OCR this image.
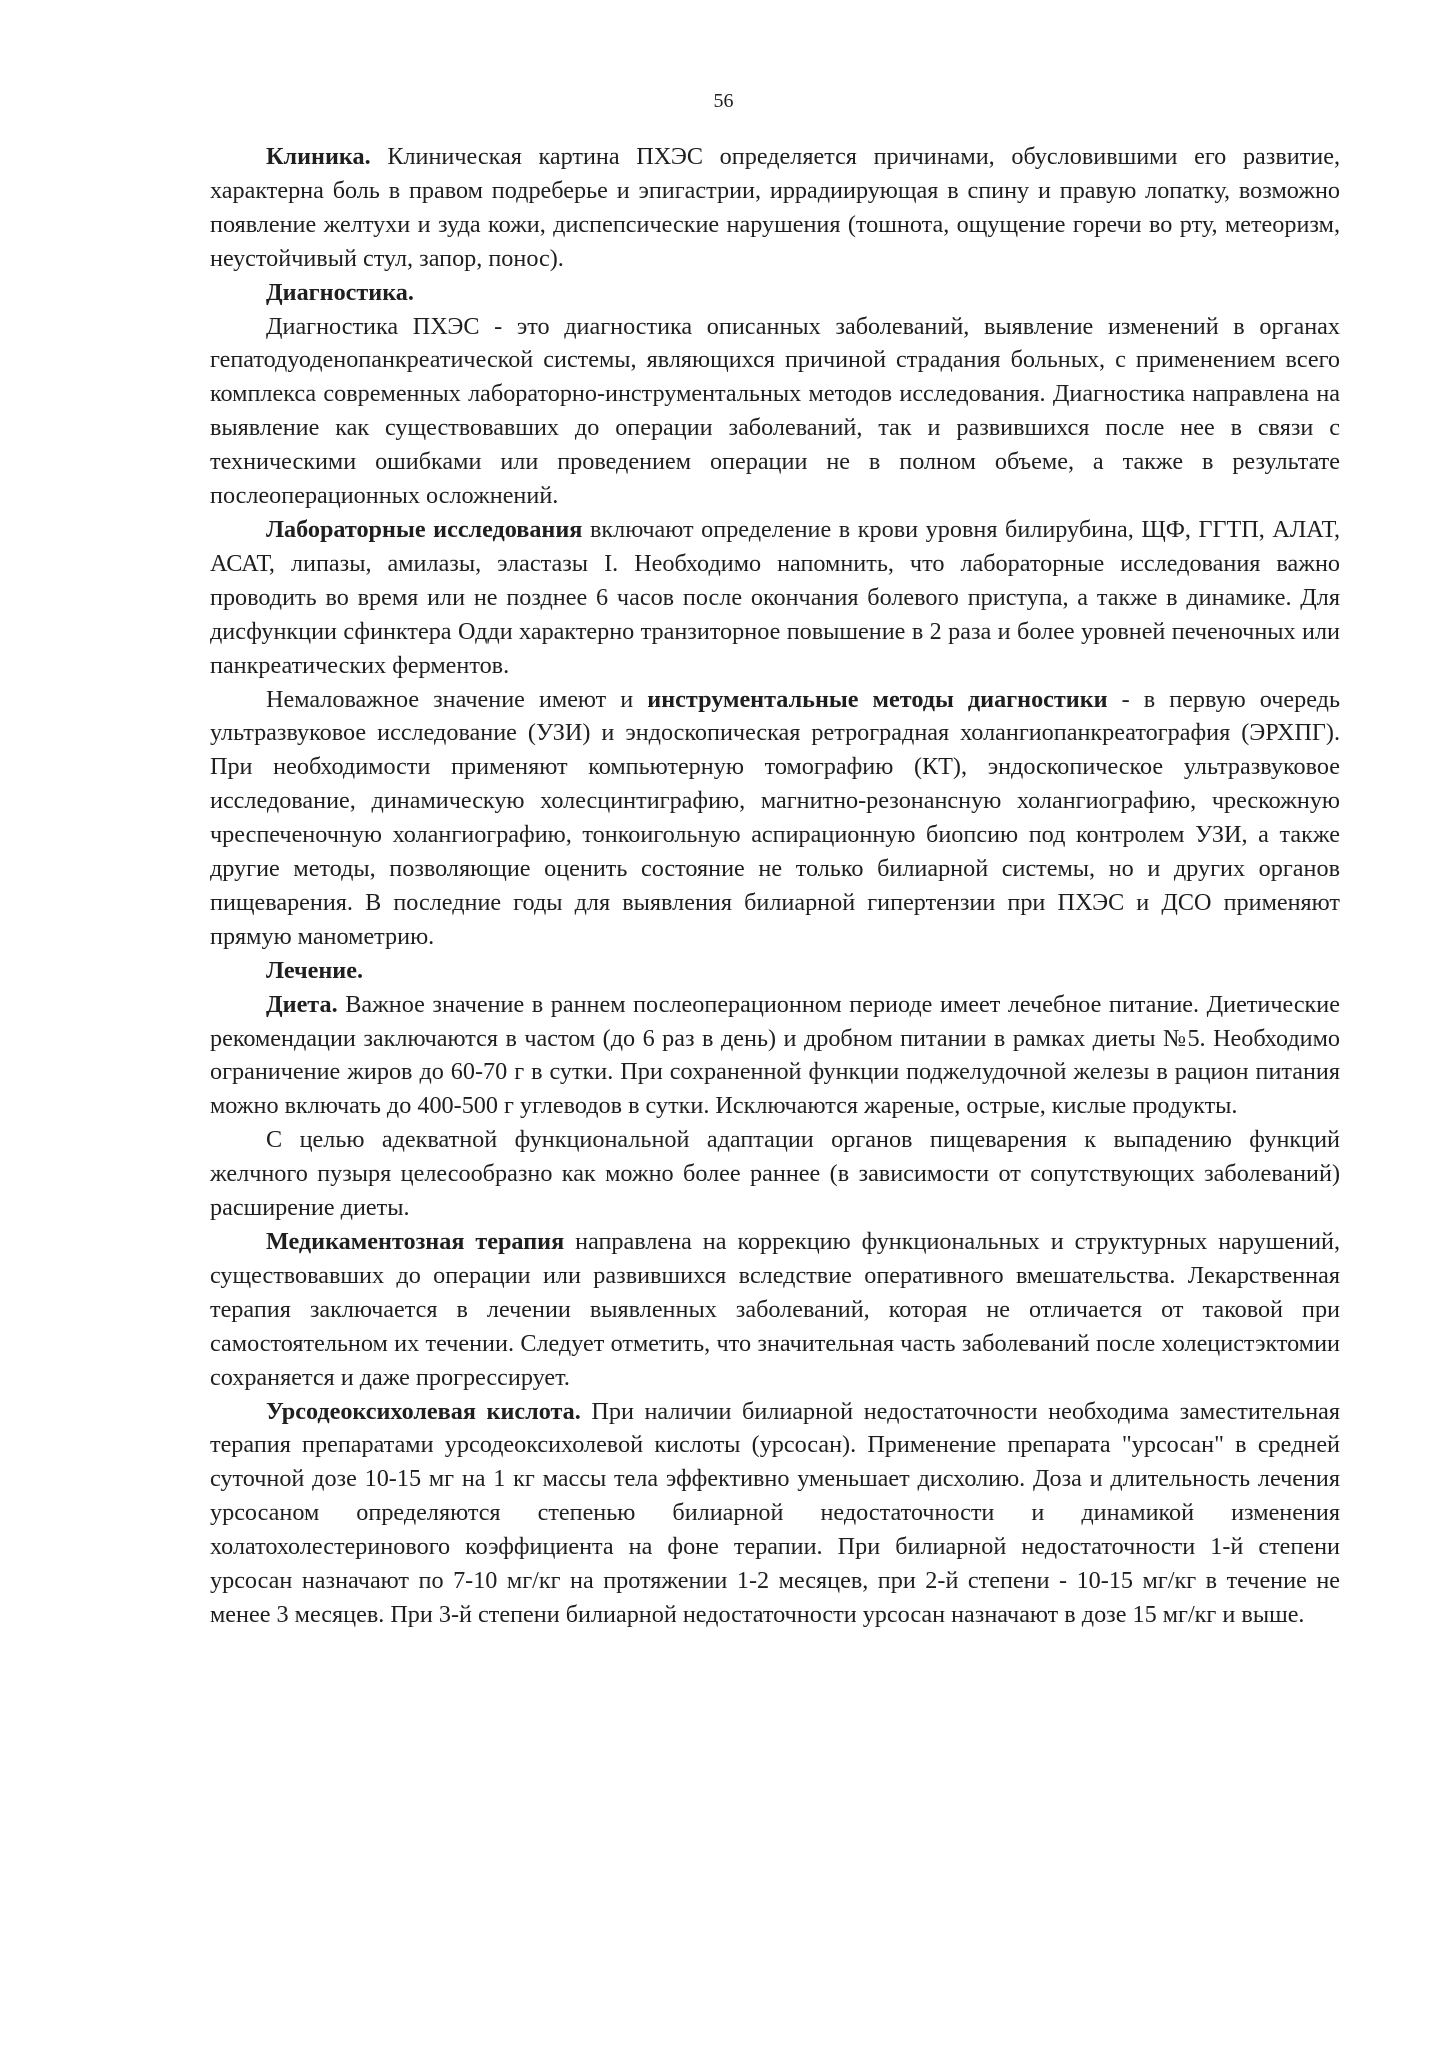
56

Клиника. Клиническая картина ПХЭС определяется причинами, обусловившими его развитие, характерна боль в правом подреберье и эпигастрии, иррадиирующая в спину и правую лопатку, возможно появление желтухи и зуда кожи, диспепсические нарушения (тошнота, ощущение горечи во рту, метеоризм, неустойчивый стул, запор, понос).

Диагностика.

Диагностика ПХЭС - это диагностика описанных заболеваний, выявление изменений в органах гепатодуоденопанкреатической системы, являющихся причиной страдания больных, с применением всего комплекса современных лабораторно-инструментальных методов исследования. Диагностика направлена на выявление как существовавших до операции заболеваний, так и развившихся после нее в связи с техническими ошибками или проведением операции не в полном объеме, а также в результате послеоперационных осложнений.

Лабораторные исследования включают определение в крови уровня билирубина, ЩФ, ГГТП, АЛАТ, АСАТ, липазы, амилазы, эластазы I. Необходимо напомнить, что лабораторные исследования важно проводить во время или не позднее 6 часов после окончания болевого приступа, а также в динамике. Для дисфункции сфинктера Одди характерно транзиторное повышение в 2 раза и более уровней печеночных или панкреатических ферментов.

Немаловажное значение имеют и инструментальные методы диагностики - в первую очередь ультразвуковое исследование (УЗИ) и эндоскопическая ретроградная холангиопанкреатография (ЭРХПГ). При необходимости применяют компьютерную томографию (КТ), эндоскопическое ультразвуковое исследование, динамическую холесцинтиграфию, магнитно-резонансную холангиографию, чрескожную чреспеченочную холангиографию, тонкоигольную аспирационную биопсию под контролем УЗИ, а также другие методы, позволяющие оценить состояние не только билиарной системы, но и других органов пищеварения. В последние годы для выявления билиарной гипертензии при ПХЭС и ДСО применяют прямую манометрию.

Лечение.

Диета. Важное значение в раннем послеоперационном периоде имеет лечебное питание. Диетические рекомендации заключаются в частом (до 6 раз в день) и дробном питании в рамках диеты №5. Необходимо ограничение жиров до 60-70 г в сутки. При сохраненной функции поджелудочной железы в рацион питания можно включать до 400-500 г углеводов в сутки. Исключаются жареные, острые, кислые продукты.

С целью адекватной функциональной адаптации органов пищеварения к выпадению функций желчного пузыря целесообразно как можно более раннее (в зависимости от сопутствующих заболеваний) расширение диеты.

Медикаментозная терапия направлена на коррекцию функциональных и структурных нарушений, существовавших до операции или развившихся вследствие оперативного вмешательства. Лекарственная терапия заключается в лечении выявленных заболеваний, которая не отличается от таковой при самостоятельном их течении. Следует отметить, что значительная часть заболеваний после холецистэктомии сохраняется и даже прогрессирует.

Урсодеоксихолевая кислота. При наличии билиарной недостаточности необходима заместительная терапия препаратами урсодеоксихолевой кислоты (урсосан). Применение препарата "урсосан" в средней суточной дозе 10-15 мг на 1 кг массы тела эффективно уменьшает дисхолию. Доза и длительность лечения урсосаном определяются степенью билиарной недостаточности и динамикой изменения холатохолестеринового коэффициента на фоне терапии. При билиарной недостаточности 1-й степени урсосан назначают по 7-10 мг/кг на протяжении 1-2 месяцев, при 2-й степени - 10-15 мг/кг в течение не менее 3 месяцев. При 3-й степени билиарной недостаточности урсосан назначают в дозе 15 мг/кг и выше.
